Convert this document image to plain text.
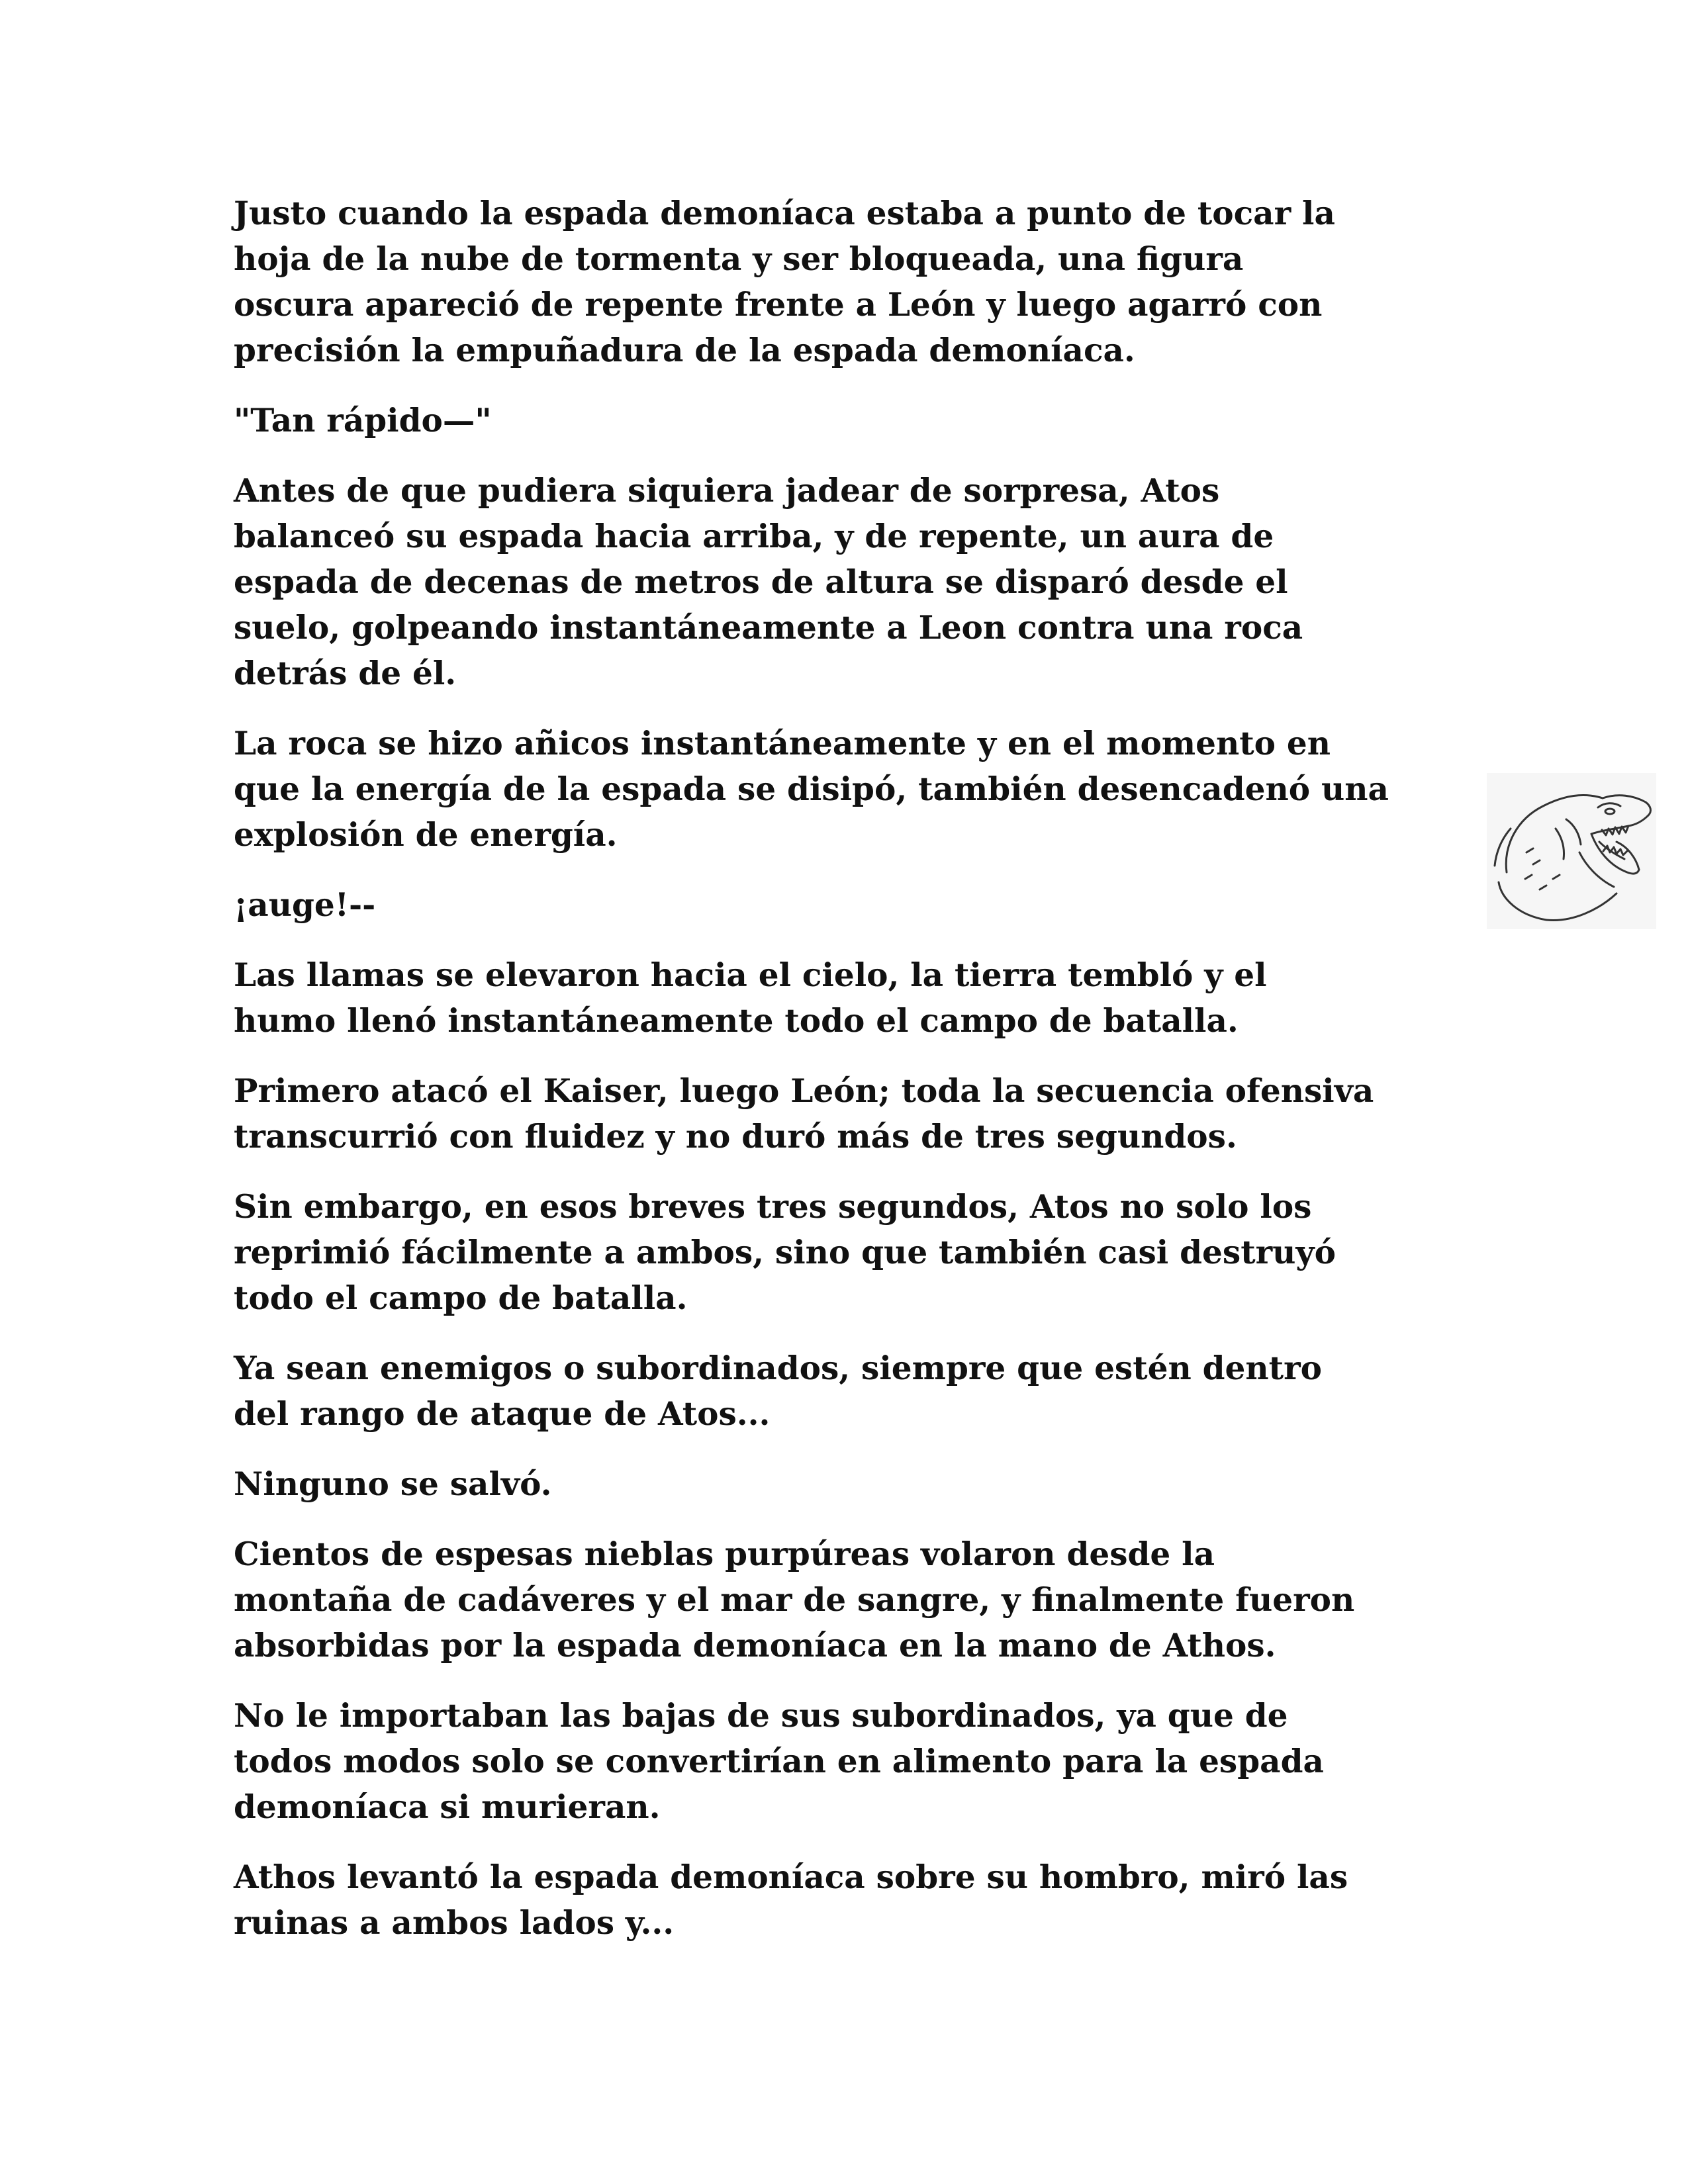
Justo cuando la espada demoníaca estaba a punto de tocar la
hoja de la nube de tormenta y ser bloqueada, una figura
oscura apareció de repente frente a León y luego agarró con
precisión la empuñadura de la espada demoníaca.

"Tan rápido—"

Antes de que pudiera siquiera jadear de sorpresa, Atos
balanceó su espada hacia arriba, y de repente, un aura de
espada de decenas de metros de altura se disparó desde el
suelo, golpeando instantáneamente a Leon contra una roca
detrás de él.

La roca se hizo añicos instantáneamente y en el momento en
que la energía de la espada se disipó, también desencadenó una
explosión de energía.

¡auge!--

Las llamas se elevaron hacia el cielo, la tierra tembló y el
humo llenó instantáneamente todo el campo de batalla.

Primero atacó el Kaiser, luego León; toda la secuencia ofensiva
transcurrió con fluidez y no duró más de tres segundos.

Sin embargo, en esos breves tres segundos, Atos no solo los
reprimió fácilmente a ambos, sino que también casi destruyó
todo el campo de batalla.

Ya sean enemigos o subordinados, siempre que estén dentro
del rango de ataque de Atos...

Ninguno se salvó.

Cientos de espesas nieblas purpúreas volaron desde la
montaña de cadáveres y el mar de sangre, y finalmente fueron
absorbidas por la espada demoníaca en la mano de Athos.

No le importaban las bajas de sus subordinados, ya que de
todos modos solo se convertirían en alimento para la espada
demoníaca si murieran.

Athos levantó la espada demoníaca sobre su hombro, miró las
ruinas a ambos lados y...
